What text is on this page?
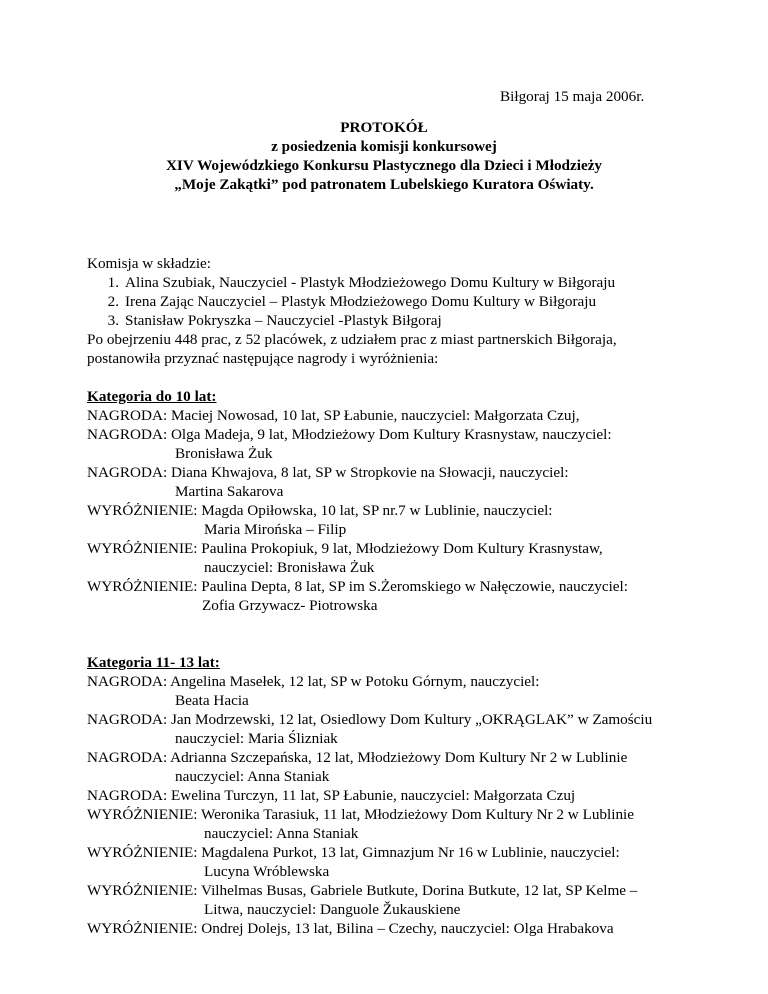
Biłgoraj 15 maja 2006r.
PROTOKÓŁ
z posiedzenia komisji konkursowej
XIV Wojewódzkiego Konkursu Plastycznego dla Dzieci i Młodzieży
„Moje Zakątki” pod patronatem Lubelskiego Kuratora Oświaty.
Komisja w składzie:
1. Alina Szubiak, Nauczyciel - Plastyk Młodzieżowego Domu Kultury w Biłgoraju
2. Irena Zając Nauczyciel – Plastyk Młodzieżowego Domu Kultury w Biłgoraju
3. Stanisław Pokryszka – Nauczyciel -Plastyk Biłgoraj
Po obejrzeniu 448 prac, z 52 placówek, z udziałem prac z miast partnerskich Biłgoraja,
postanowiła przyznać następujące nagrody i wyróżnienia:
Kategoria do 10 lat:
NAGRODA: Maciej Nowosad, 10 lat, SP Łabunie, nauczyciel: Małgorzata Czuj,
NAGRODA: Olga Madeja, 9 lat, Młodzieżowy Dom Kultury Krasnystaw, nauczyciel:
Bronisława Żuk
NAGRODA: Diana Khwajova, 8 lat, SP w Stropkovie na Słowacji, nauczyciel:
Martina Sakarova
WYRÓŻNIENIE: Magda Opiłowska, 10 lat, SP nr.7 w Lublinie, nauczyciel:
Maria Mirońska – Filip
WYRÓŻNIENIE: Paulina Prokopiuk, 9 lat, Młodzieżowy Dom Kultury Krasnystaw,
nauczyciel: Bronisława Żuk
WYRÓŻNIENIE: Paulina Depta, 8 lat, SP im S.Żeromskiego w Nałęczowie, nauczyciel:
Zofia Grzywacz- Piotrowska
Kategoria 11- 13 lat:
NAGRODA: Angelina Masełek, 12 lat, SP w Potoku Górnym, nauczyciel:
Beata Hacia
NAGRODA: Jan Modrzewski, 12 lat, Osiedlowy Dom Kultury „OKRĄGLAK” w Zamościu
nauczyciel: Maria Ślizniak
NAGRODA: Adrianna Szczepańska, 12 lat, Młodzieżowy Dom Kultury Nr 2 w Lublinie
nauczyciel: Anna Staniak
NAGRODA: Ewelina Turczyn, 11 lat, SP Łabunie, nauczyciel: Małgorzata Czuj
WYRÓŻNIENIE: Weronika Tarasiuk, 11 lat, Młodzieżowy Dom Kultury Nr 2 w Lublinie
nauczyciel: Anna Staniak
WYRÓŻNIENIE: Magdalena Purkot, 13 lat, Gimnazjum Nr 16 w Lublinie, nauczyciel:
Lucyna Wróblewska
WYRÓŻNIENIE: Vilhelmas Busas, Gabriele Butkute, Dorina Butkute, 12 lat, SP Kelme –
Litwa, nauczyciel: Danguole Žukauskiene
WYRÓŻNIENIE: Ondrej Dolejs, 13 lat, Bilina – Czechy, nauczyciel: Olga Hrabakova
